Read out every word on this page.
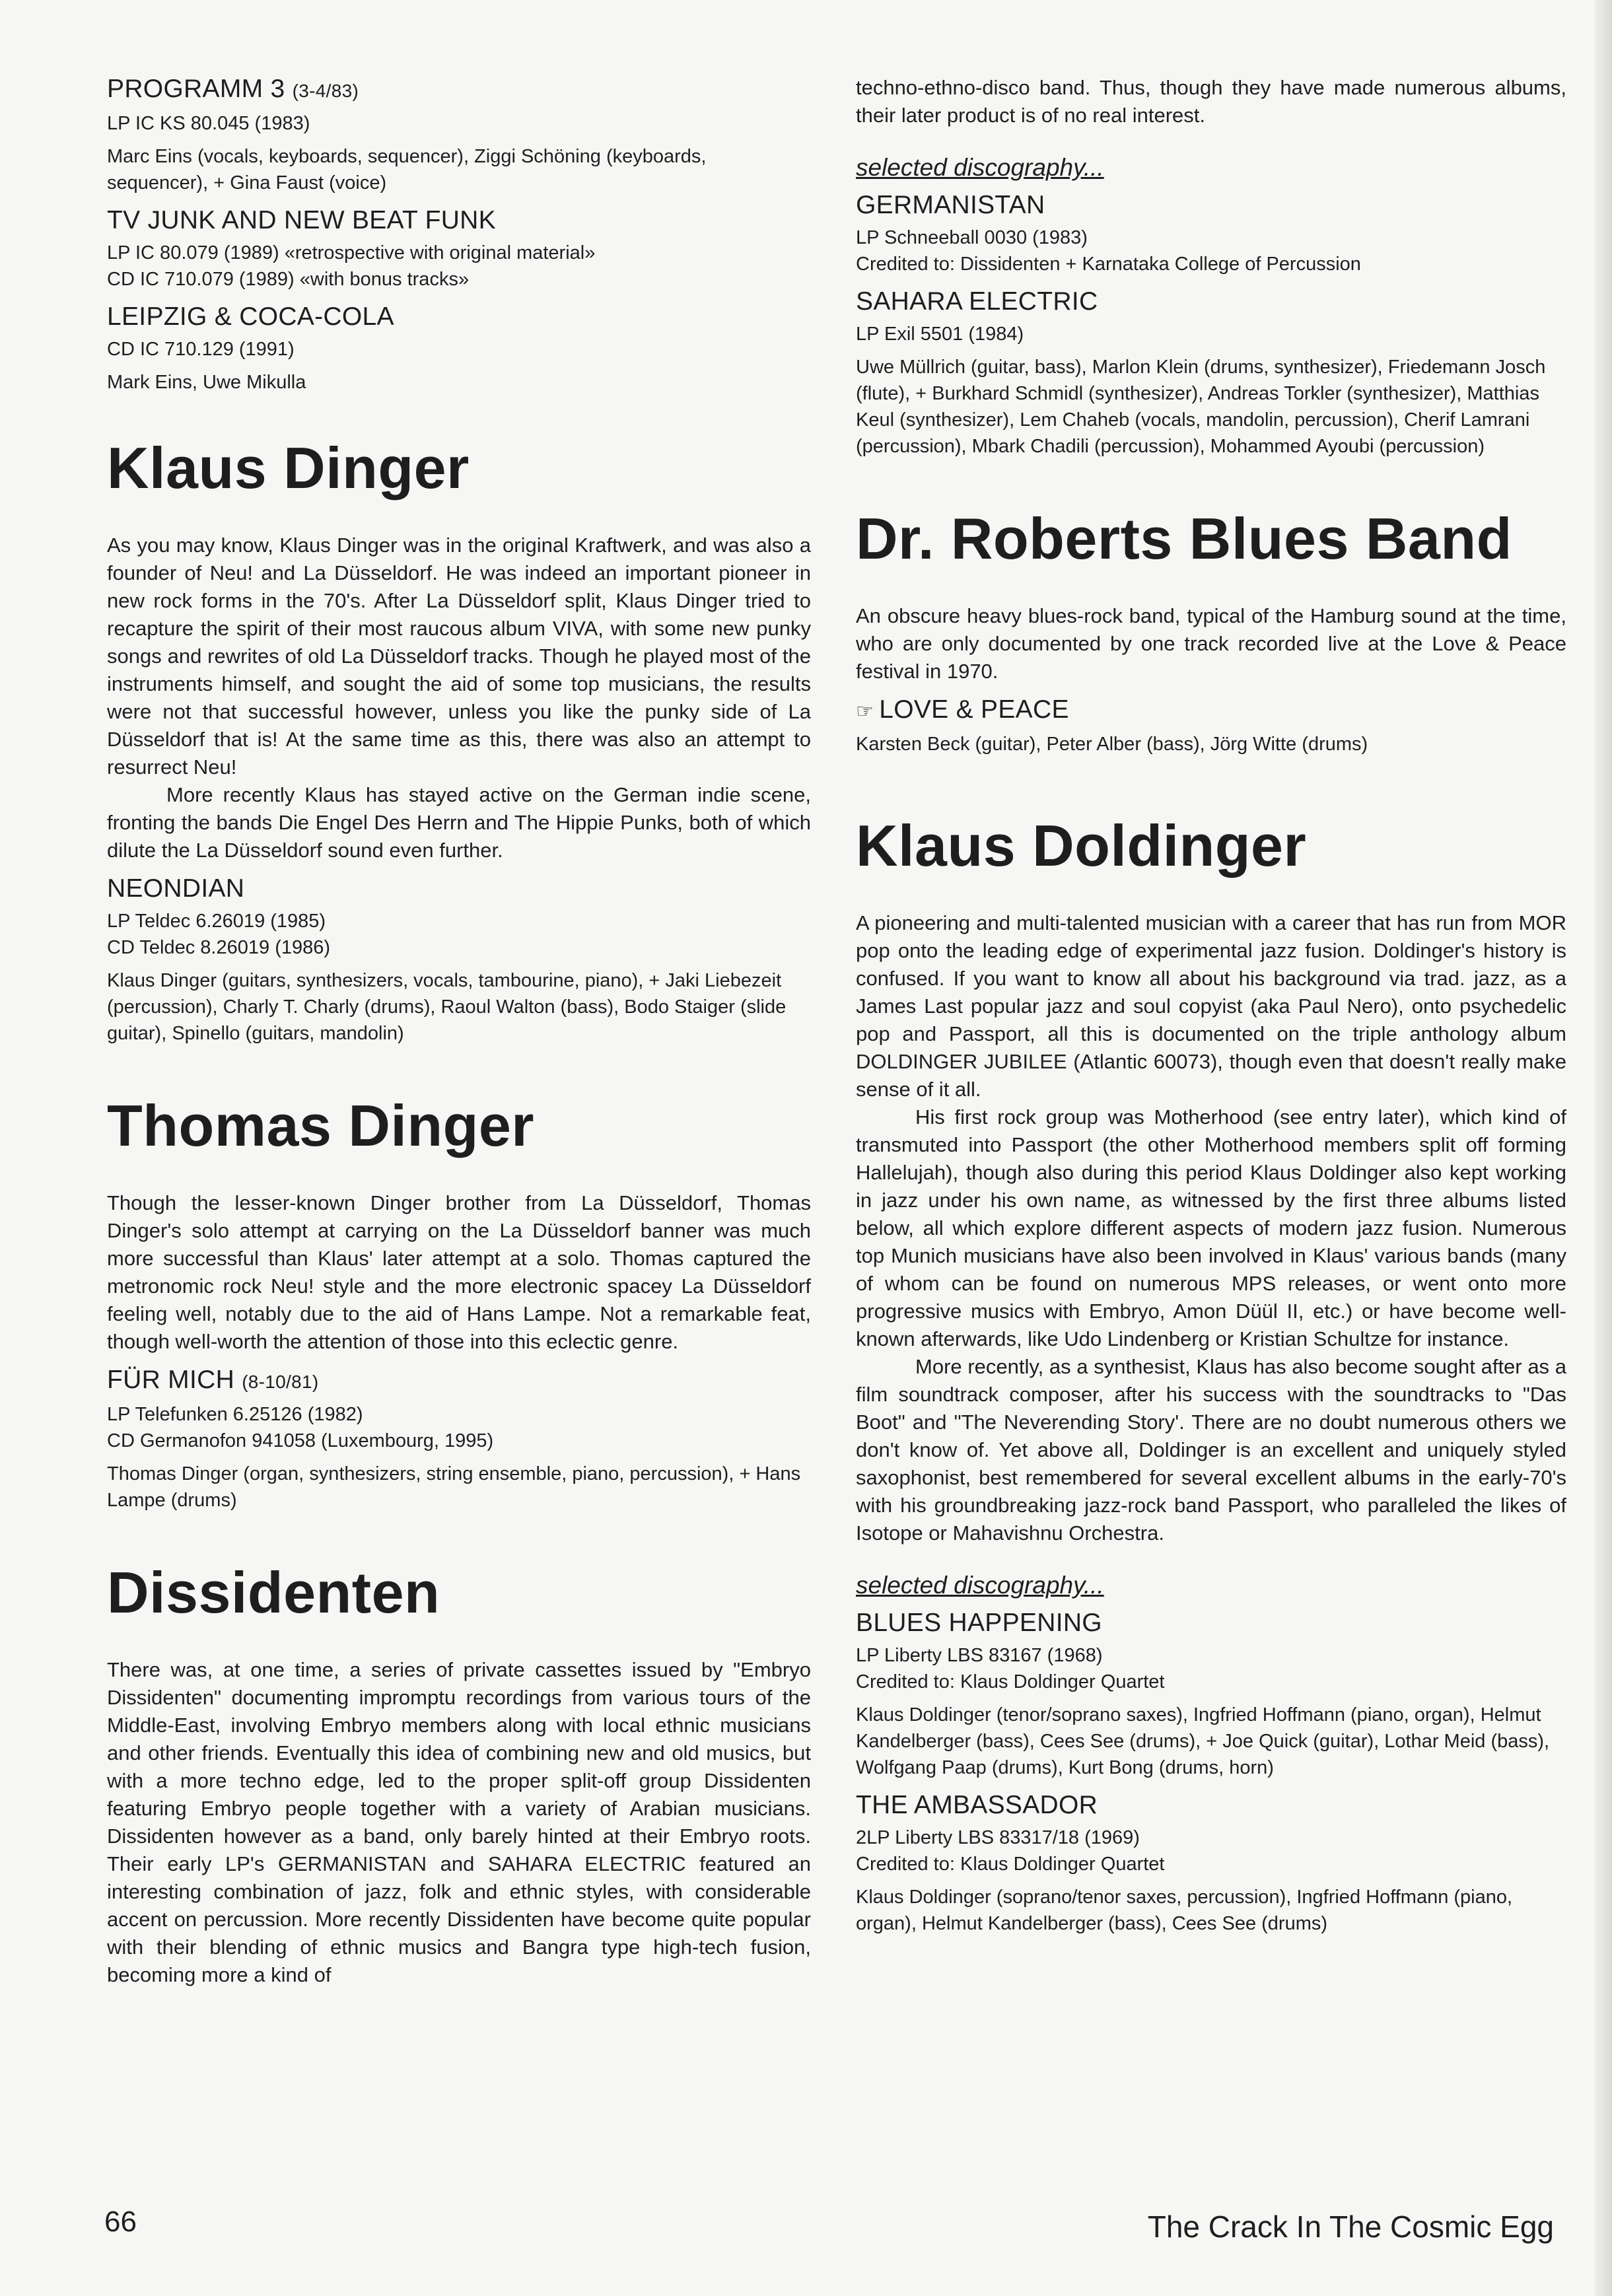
PROGRAMM 3 (3-4/83)
LP IC KS 80.045 (1983)
Marc Eins (vocals, keyboards, sequencer), Ziggi Schöning (keyboards, sequencer), + Gina Faust (voice)
TV JUNK AND NEW BEAT FUNK
LP IC 80.079 (1989) «retrospective with original material»
CD IC 710.079 (1989) «with bonus tracks»
LEIPZIG & COCA-COLA
CD IC 710.129 (1991)
Mark Eins, Uwe Mikulla
Klaus Dinger

As you may know, Klaus Dinger was in the original Kraftwerk, and was also a founder of Neu! and La Düsseldorf. He was indeed an important pioneer in new rock forms in the 70's. After La Düsseldorf split, Klaus Dinger tried to recapture the spirit of their most raucous album VIVA, with some new punky songs and rewrites of old La Düsseldorf tracks. Though he played most of the instruments himself, and sought the aid of some top musicians, the results were not that successful however, unless you like the punky side of La Düsseldorf that is! At the same time as this, there was also an attempt to resurrect Neu!

More recently Klaus has stayed active on the German indie scene, fronting the bands Die Engel Des Herrn and The Hippie Punks, both of which dilute the La Düsseldorf sound even further.

NEONDIAN
LP Teldec 6.26019 (1985)
CD Teldec 8.26019 (1986)
Klaus Dinger (guitars, synthesizers, vocals, tambourine, piano), + Jaki Liebezeit (percussion), Charly T. Charly (drums), Raoul Walton (bass), Bodo Staiger (slide guitar), Spinello (guitars, mandolin)
Thomas Dinger

Though the lesser-known Dinger brother from La Düsseldorf, Thomas Dinger's solo attempt at carrying on the La Düsseldorf banner was much more successful than Klaus' later attempt at a solo. Thomas captured the metronomic rock Neu! style and the more electronic spacey La Düsseldorf feeling well, notably due to the aid of Hans Lampe. Not a remarkable feat, though well-worth the attention of those into this eclectic genre.

FÜR MICH (8-10/81)
LP Telefunken 6.25126 (1982)
CD Germanofon 941058 (Luxembourg, 1995)
Thomas Dinger (organ, synthesizers, string ensemble, piano, percussion), + Hans Lampe (drums)
Dissidenten

There was, at one time, a series of private cassettes issued by "Embryo Dissidenten" documenting impromptu recordings from various tours of the Middle-East, involving Embryo members along with local ethnic musicians and other friends. Eventually this idea of combining new and old musics, but with a more techno edge, led to the proper split-off group Dissidenten featuring Embryo people together with a variety of Arabian musicians. Dissidenten however as a band, only barely hinted at their Embryo roots. Their early LP's GERMANISTAN and SAHARA ELECTRIC featured an interesting combination of jazz, folk and ethnic styles, with considerable accent on percussion. More recently Dissidenten have become quite popular with their blending of ethnic musics and Bangra type high-tech fusion, becoming more a kind of

techno-ethno-disco band. Thus, though they have made numerous albums, their later product is of no real interest.

selected discography...
GERMANISTAN
LP Schneeball 0030 (1983)
Credited to: Dissidenten + Karnataka College of Percussion
SAHARA ELECTRIC
LP Exil 5501 (1984)
Uwe Müllrich (guitar, bass), Marlon Klein (drums, synthesizer), Friedemann Josch (flute), + Burkhard Schmidl (synthesizer), Andreas Torkler (synthesizer), Matthias Keul (synthesizer), Lem Chaheb (vocals, mandolin, percussion), Cherif Lamrani (percussion), Mbark Chadili (percussion), Mohammed Ayoubi (percussion)
Dr. Roberts Blues Band

An obscure heavy blues-rock band, typical of the Hamburg sound at the time, who are only documented by one track recorded live at the Love & Peace festival in 1970.

☞ LOVE & PEACE
Karsten Beck (guitar), Peter Alber (bass), Jörg Witte (drums)
Klaus Doldinger

A pioneering and multi-talented musician with a career that has run from MOR pop onto the leading edge of experimental jazz fusion. Doldinger's history is confused. If you want to know all about his background via trad. jazz, as a James Last popular jazz and soul copyist (aka Paul Nero), onto psychedelic pop and Passport, all this is documented on the triple anthology album DOLDINGER JUBILEE (Atlantic 60073), though even that doesn't really make sense of it all.

His first rock group was Motherhood (see entry later), which kind of transmuted into Passport (the other Motherhood members split off forming Hallelujah), though also during this period Klaus Doldinger also kept working in jazz under his own name, as witnessed by the first three albums listed below, all which explore different aspects of modern jazz fusion. Numerous top Munich musicians have also been involved in Klaus' various bands (many of whom can be found on numerous MPS releases, or went onto more progressive musics with Embryo, Amon Düül II, etc.) or have become well-known afterwards, like Udo Lindenberg or Kristian Schultze for instance.

More recently, as a synthesist, Klaus has also become sought after as a film soundtrack composer, after his success with the soundtracks to "Das Boot" and "The Neverending Story'. There are no doubt numerous others we don't know of. Yet above all, Doldinger is an excellent and uniquely styled saxophonist, best remembered for several excellent albums in the early-70's with his groundbreaking jazz-rock band Passport, who paralleled the likes of Isotope or Mahavishnu Orchestra.

selected discography...
BLUES HAPPENING
LP Liberty LBS 83167 (1968)
Credited to: Klaus Doldinger Quartet
Klaus Doldinger (tenor/soprano saxes), Ingfried Hoffmann (piano, organ), Helmut Kandelberger (bass), Cees See (drums), + Joe Quick (guitar), Lothar Meid (bass), Wolfgang Paap (drums), Kurt Bong (drums, horn)
THE AMBASSADOR
2LP Liberty LBS 83317/18 (1969)
Credited to: Klaus Doldinger Quartet
Klaus Doldinger (soprano/tenor saxes, percussion), Ingfried Hoffmann (piano, organ), Helmut Kandelberger (bass), Cees See (drums)
66	The Crack In The Cosmic Egg
